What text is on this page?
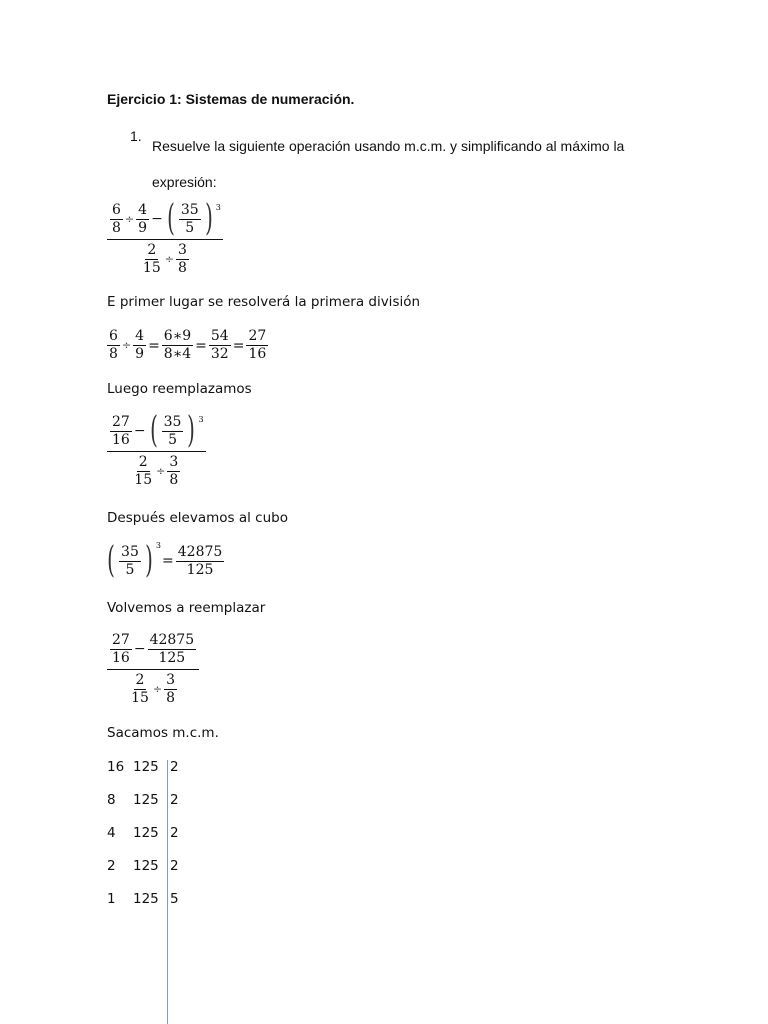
Ejercicio 1: Sistemas de numeración.
1.
Resuelve la siguiente operación usando m.c.m. y simplificando al máximo la expresión:
$\frac{6}{8} \div \frac{4}{9}$ − ( $\frac{35}{5}$ ) 3
$\frac{2}{15} \div \frac{3}{8}$
E primer lugar se resolverá la primera división
$\frac{6}{8} \div \frac{4}{9} = \frac{6∗9}{8∗4} = \frac{54}{32} = \frac{27}{16}$
Luego reemplazamos
$\frac{\frac{27}{16} - ( \frac{35}{5} ) 3}{\frac{2}{15} \div \frac{3}{8}}$
Después elevamos al cubo
( $\frac{35}{5}$ ) 3
= $\frac{42875}{125}$
Volvemos a reemplazar
$\frac{\frac{27}{16} - \frac{42875}{125}}{\frac{2}{15} \div \frac{3}{8}}$
Sacamos m.c.m.
16 125 2
8 125 2
4 125 2
2 125 2
1 125 5
